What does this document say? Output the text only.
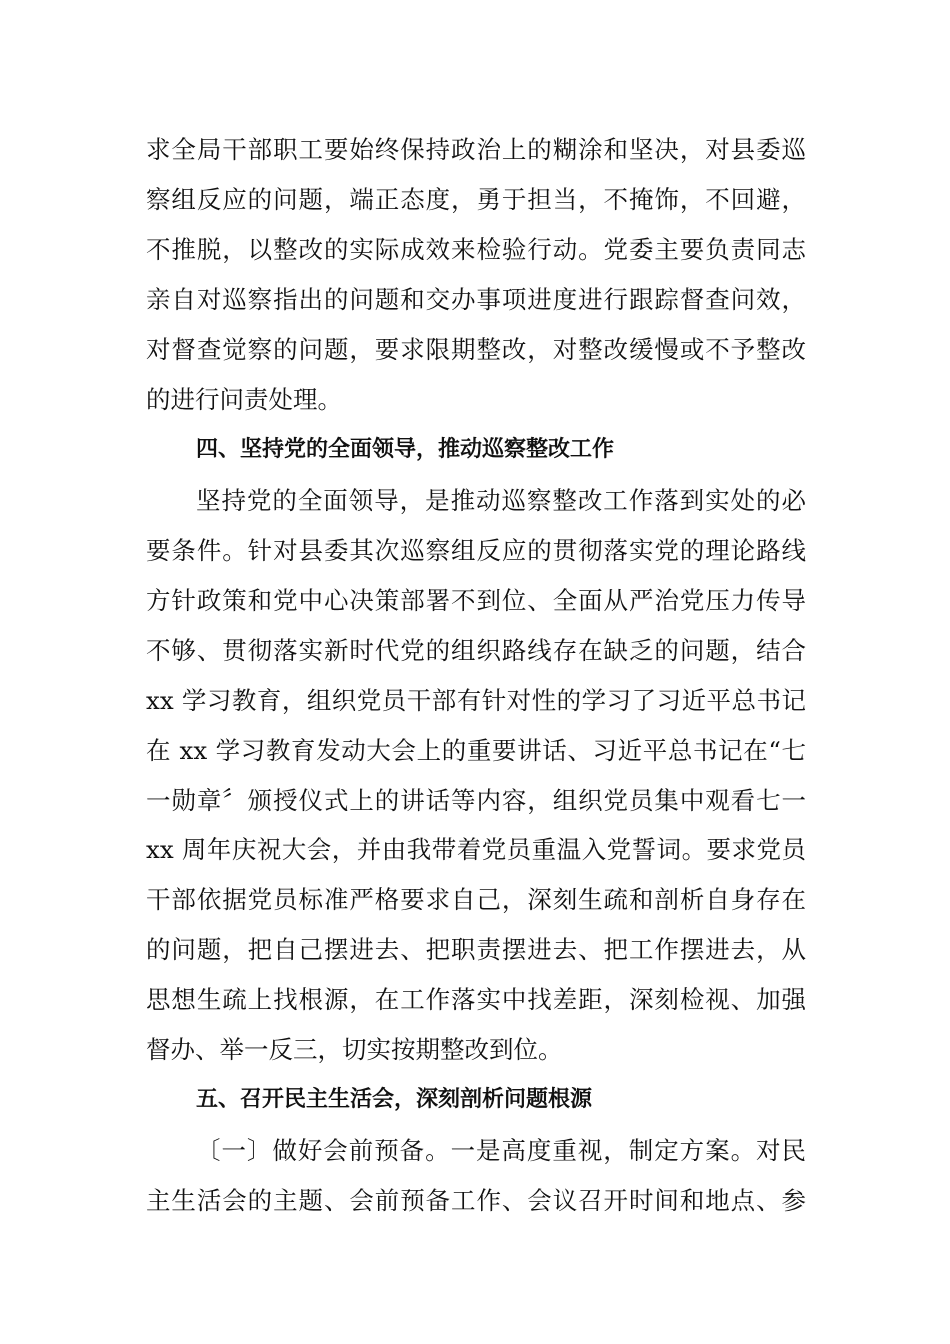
求全局干部职工要始终保持政治上的糊涂和坚决，对县委巡
察组反应的问题，端正态度，勇于担当，不掩饰，不回避，
不推脱，以整改的实际成效来检验行动。党委主要负责同志
亲自对巡察指出的问题和交办事项进度进行跟踪督查问效，
对督查觉察的问题，要求限期整改，对整改缓慢或不予整改
的进行问责处理。
四、坚持党的全面领导，推动巡察整改工作
坚持党的全面领导，是推动巡察整改工作落到实处的必
要条件。针对县委其次巡察组反应的贯彻落实党的理论路线
方针政策和党中心决策部署不到位、全面从严治党压力传导
不够、贯彻落实新时代党的组织路线存在缺乏的问题，结合
xx 学习教育，组织党员干部有针对性的学习了习近平总书记
在 xx 学习教育发动大会上的重要讲话、习近平总书记在“七
一勋章〞颁授仪式上的讲话等内容，组织党员集中观看七一
xx 周年庆祝大会，并由我带着党员重温入党誓词。要求党员
干部依据党员标准严格要求自己，深刻生疏和剖析自身存在
的问题，把自己摆进去、把职责摆进去、把工作摆进去，从
思想生疏上找根源，在工作落实中找差距，深刻检视、加强
督办、举一反三，切实按期整改到位。
五、召开民主生活会，深刻剖析问题根源
〔一〕做好会前预备。一是高度重视，制定方案。对民
主生活会的主题、会前预备工作、会议召开时间和地点、参
